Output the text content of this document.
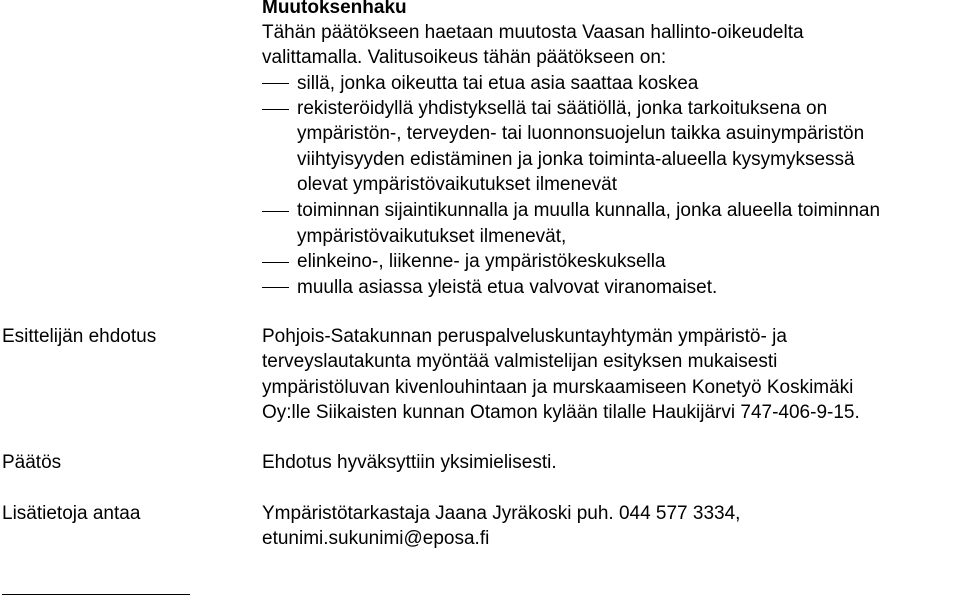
Muutoksenhaku
Tähän päätökseen haetaan muutosta Vaasan hallinto-oikeudelta
valittamalla. Valitusoikeus tähän päätökseen on:
sillä, jonka oikeutta tai etua asia saattaa koskea
rekisteröidyllä yhdistyksellä tai säätiöllä, jonka tarkoituksena on
ympäristön-, terveyden- tai luonnonsuojelun taikka asuinympäristön
viihtyisyyden edistäminen ja jonka toiminta-alueella kysymyksessä
olevat ympäristövaikutukset ilmenevät
toiminnan sijaintikunnalla ja muulla kunnalla, jonka alueella toiminnan
ympäristövaikutukset ilmenevät,
elinkeino-, liikenne- ja ympäristökeskuksella
muulla asiassa yleistä etua valvovat viranomaiset.
Esittelijän ehdotus	Pohjois-Satakunnan peruspalveluskuntayhtymän ympäristö- ja
terveyslautakunta myöntää valmistelijan esityksen mukaisesti
ympäristöluvan kivenlouhintaan ja murskaamiseen Konetyö Koskimäki
Oy:lle Siikaisten kunnan Otamon kylään tilalle Haukijärvi 747-406-9-15.
Päätös	Ehdotus hyväksyttiin yksimielisesti.
Lisätietoja antaa	Ympäristötarkastaja Jaana Jyräkoski puh. 044 577 3334,
etunimi.sukunimi@eposa.fi
